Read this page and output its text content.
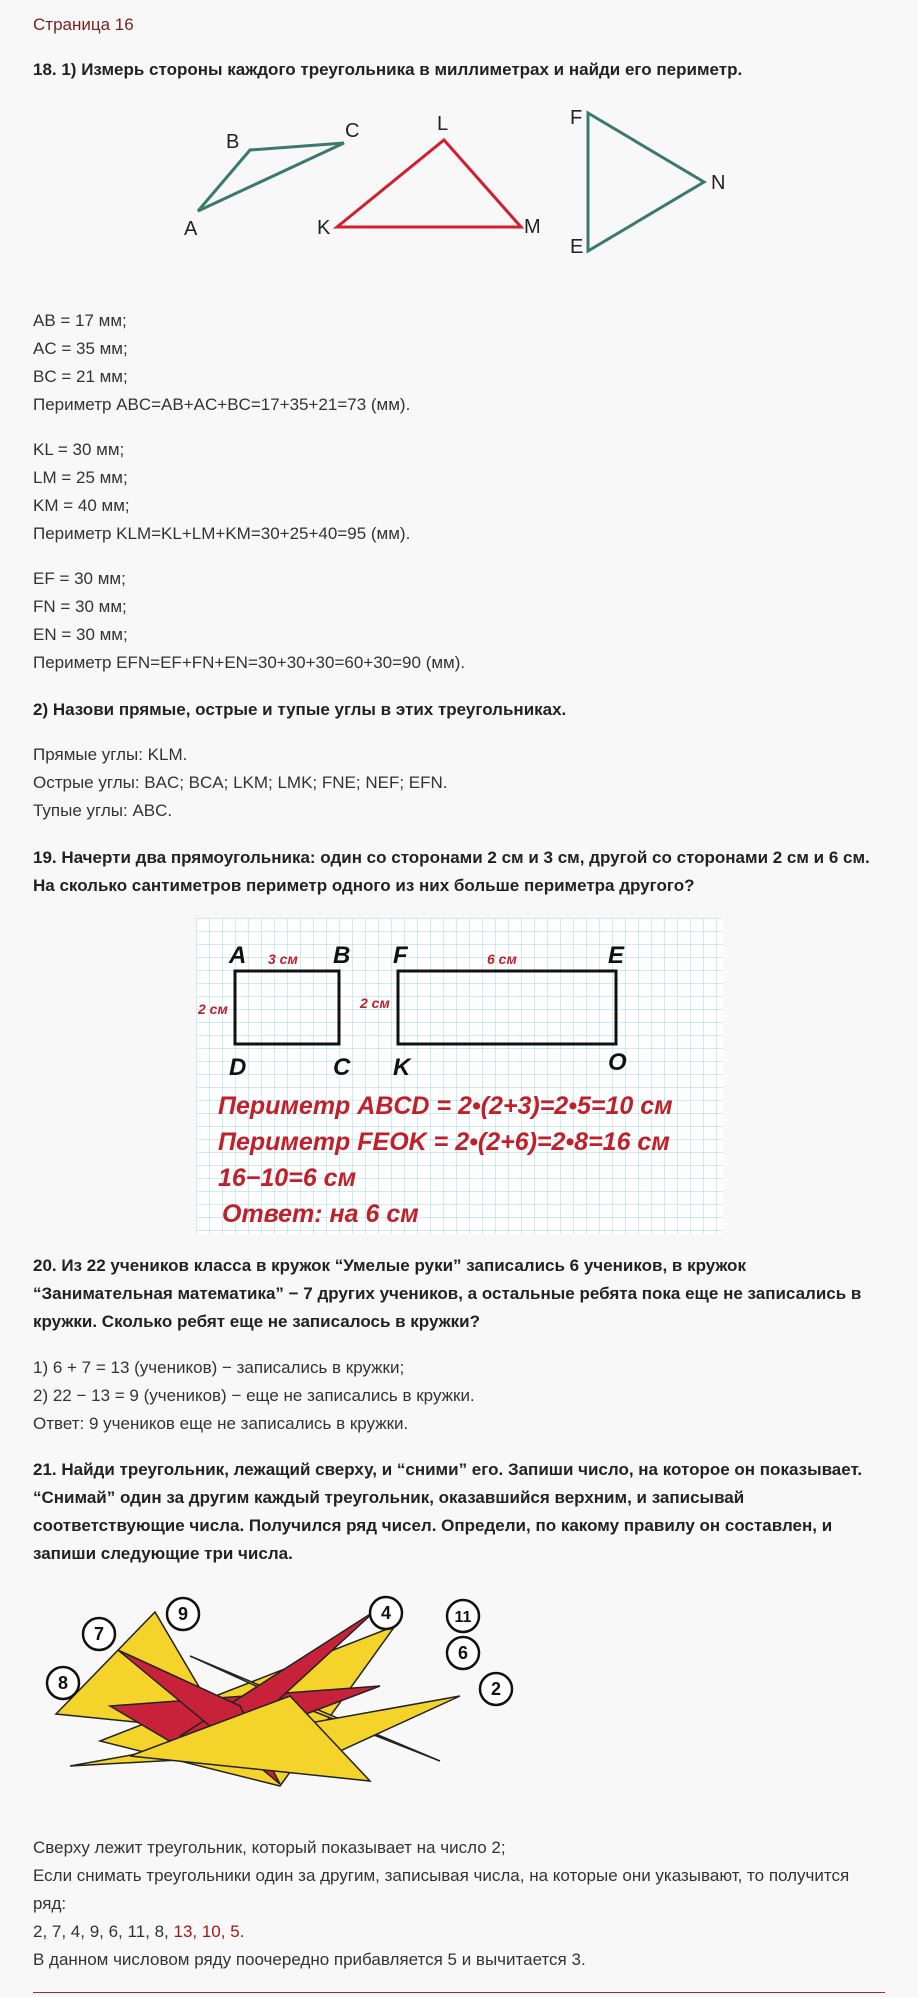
Страница 16
18. 1) Измерь стороны каждого треугольника в миллиметрах и найди его периметр.
B	C
A
L
K	M
F
N
E
AB = 17 мм;
AC = 35 мм;
BC = 21 мм;
Периметр ABC=AB+AC+BC=17+35+21=73 (мм).
KL = 30 мм;
LM = 25 мм;
KM = 40 мм;
Периметр KLM=KL+LM+KM=30+25+40=95 (мм).
EF = 30 мм;
FN = 30 мм;
EN = 30 мм;
Периметр EFN=EF+FN+EN=30+30+30=60+30=90 (мм).
2) Назови прямые, острые и тупые углы в этих треугольниках.
Прямые углы: KLM.
Острые углы: BAC; BCA; LKM; LMK; FNE; NEF; EFN.
Тупые углы: ABC.
19. Начерти два прямоугольника: один со сторонами 2 см и 3 см, другой со сторонами 2 см и 6 см. На сколько сантиметров периметр одного из них больше периметра другого?
A	B
D	C
F	E
K	O
3 см
2 см
6 см
2 см
Периметр ABCD = 2•(2+3)=2•5=10 см
Периметр FEOK = 2•(2+6)=2•8=16 см
16−10=6 см
Ответ: на 6 см
20. Из 22 учеников класса в кружок “Умелые руки” записались 6 учеников, в кружок “Занимательная математика” − 7 других учеников, а остальные ребята пока еще не записались в кружки. Сколько ребят еще не записалось в кружки?
1) 6 + 7 = 13 (учеников) − записались в кружки;
2) 22 − 13 = 9 (учеников) − еще не записались в кружки.
Ответ: 9 учеников еще не записались в кружки.
21. Найди треугольник, лежащий сверху, и “сними” его. Запиши число, на которое он показывает. “Снимай” один за другим каждый треугольник, оказавшийся верхним, и записывай соответствующие числа. Получился ряд чисел. Определи, по какому правилу он составлен, и запиши следующие три числа.
7
9	4	11
6
8	2
Сверху лежит треугольник, который показывает на число 2;
Если снимать треугольники один за другим, записывая числа, на которые они указывают, то получится ряд:
2, 7, 4, 9, 6, 11, 8, 13, 10, 5.
В данном числовом ряду поочередно прибавляется 5 и вычитается 3.
